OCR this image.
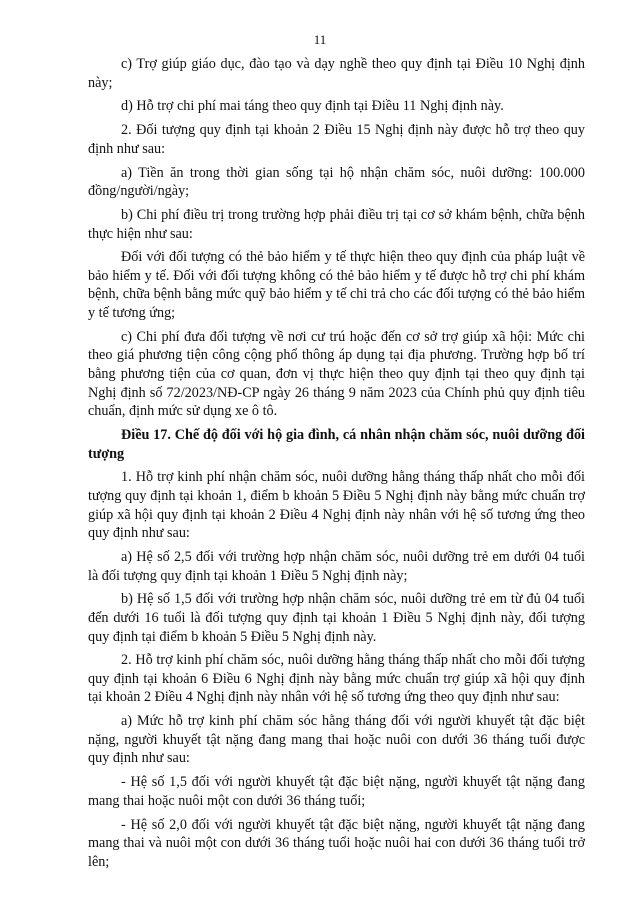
11

c) Trợ giúp giáo dục, đào tạo và dạy nghề theo quy định tại Điều 10 Nghị định này;

d) Hỗ trợ chi phí mai táng theo quy định tại Điều 11 Nghị định này.

2. Đối tượng quy định tại khoản 2 Điều 15 Nghị định này được hỗ trợ theo quy định như sau:

a) Tiền ăn trong thời gian sống tại hộ nhận chăm sóc, nuôi dưỡng: 100.000 đồng/người/ngày;

b) Chi phí điều trị trong trường hợp phải điều trị tại cơ sở khám bệnh, chữa bệnh thực hiện như sau:

Đối với đối tượng có thẻ bảo hiểm y tế thực hiện theo quy định của pháp luật về bảo hiểm y tế. Đối với đối tượng không có thẻ bảo hiểm y tế được hỗ trợ chi phí khám bệnh, chữa bệnh bằng mức quỹ bảo hiểm y tế chi trả cho các đối tượng có thẻ bảo hiểm y tế tương ứng;

c) Chi phí đưa đối tượng về nơi cư trú hoặc đến cơ sở trợ giúp xã hội: Mức chi theo giá phương tiện công cộng phổ thông áp dụng tại địa phương. Trường hợp bố trí bằng phương tiện của cơ quan, đơn vị thực hiện theo quy định tại theo quy định tại Nghị định số 72/2023/NĐ-CP ngày 26 tháng 9 năm 2023 của Chính phủ quy định tiêu chuẩn, định mức sử dụng xe ô tô.

Điều 17. Chế độ đối với hộ gia đình, cá nhân nhận chăm sóc, nuôi dưỡng đối tượng

1. Hỗ trợ kinh phí nhận chăm sóc, nuôi dưỡng hằng tháng thấp nhất cho mỗi đối tượng quy định tại khoản 1, điểm b khoản 5 Điều 5 Nghị định này bằng mức chuẩn trợ giúp xã hội quy định tại khoản 2 Điều 4 Nghị định này nhân với hệ số tương ứng theo quy định như sau:

a) Hệ số 2,5 đối với trường hợp nhận chăm sóc, nuôi dưỡng trẻ em dưới 04 tuổi là đối tượng quy định tại khoản 1 Điều 5 Nghị định này;

b) Hệ số 1,5 đối với trường hợp nhận chăm sóc, nuôi dưỡng trẻ em từ đủ 04 tuổi đến dưới 16 tuổi là đối tượng quy định tại khoản 1 Điều 5 Nghị định này, đối tượng quy định tại điểm b khoản 5 Điều 5 Nghị định này.

2. Hỗ trợ kinh phí chăm sóc, nuôi dưỡng hằng tháng thấp nhất cho mỗi đối tượng quy định tại khoản 6 Điều 6 Nghị định này bằng mức chuẩn trợ giúp xã hội quy định tại khoản 2 Điều 4 Nghị định này nhân với hệ số tương ứng theo quy định như sau:

a) Mức hỗ trợ kinh phí chăm sóc hằng tháng đối với người khuyết tật đặc biệt nặng, người khuyết tật nặng đang mang thai hoặc nuôi con dưới 36 tháng tuổi được quy định như sau:

- Hệ số 1,5 đối với người khuyết tật đặc biệt nặng, người khuyết tật nặng đang mang thai hoặc nuôi một con dưới 36 tháng tuổi;

- Hệ số 2,0 đối với người khuyết tật đặc biệt nặng, người khuyết tật nặng đang mang thai và nuôi một con dưới 36 tháng tuổi hoặc nuôi hai con dưới 36 tháng tuổi trở lên;
